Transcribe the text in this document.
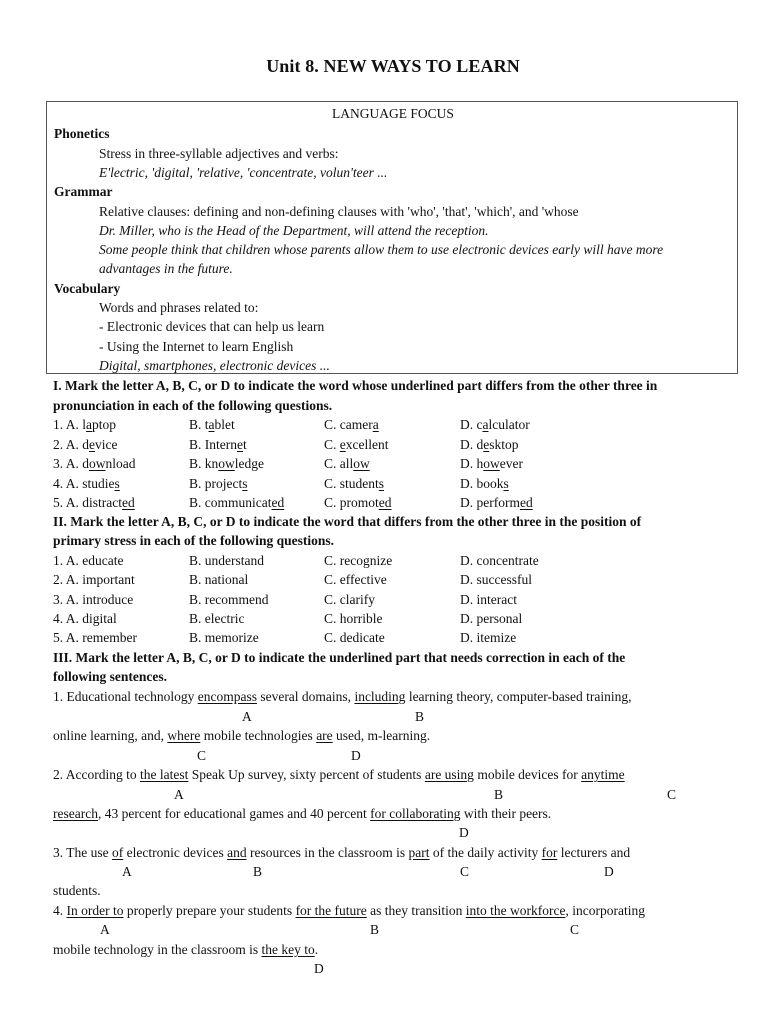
Unit 8. NEW WAYS TO LEARN
LANGUAGE FOCUS
Phonetics
Stress in three-syllable adjectives and verbs:
E'lectric, 'digital, 'relative, 'concentrate, volun'teer ...
Grammar
Relative clauses: defining and non-defining clauses with 'who', 'that', 'which', and 'whose
Dr. Miller, who is the Head of the Department, will attend the reception.
Some people think that children whose parents allow them to use electronic devices early will have more
advantages in the future.
Vocabulary
Words and phrases related to:
- Electronic devices that can help us learn
- Using the Internet to learn English
Digital, smartphones, electronic devices ...
I. Mark the letter A, B, C, or D to indicate the word whose underlined part differs from the other three in
pronunciation in each of the following questions.
1. A. laptop	B. tablet	C. camera	D. calculator
2. A. device	B. Internet	C. excellent	D. desktop
3. A. download	B. knowledge	C. allow	D. however
4. A. studies	B. projects	C. students	D. books
5. A. distracted	B. communicated	C. promoted	D. performed
II. Mark the letter A, B, C, or D to indicate the word that differs from the other three in the position of
primary stress in each of the following questions.
1. A. educate	B. understand	C. recognize	D. concentrate
2. A. important	B. national	C. effective	D. successful
3. A. introduce	B. recommend	C. clarify	D. interact
4. A. digital	B. electric	C. horrible	D. personal
5. A. remember	B. memorize	C. dedicate	D. itemize
III. Mark the letter A, B, C, or D to indicate the underlined part that needs correction in each of the
following sentences.
1. Educational technology encompass several domains, including learning theory, computer-based training,
A	B
online learning, and, where mobile technologies are used, m-learning.
C	D
2. According to the latest Speak Up survey, sixty percent of students are using mobile devices for anytime
A	B	C
research, 43 percent for educational games and 40 percent for collaborating with their peers.
D
3. The use of electronic devices and resources in the classroom is part of the daily activity for lecturers and
A	B	C	D
students.
4. In order to properly prepare your students for the future as they transition into the workforce, incorporating
A	B	C
mobile technology in the classroom is the key to.
D
